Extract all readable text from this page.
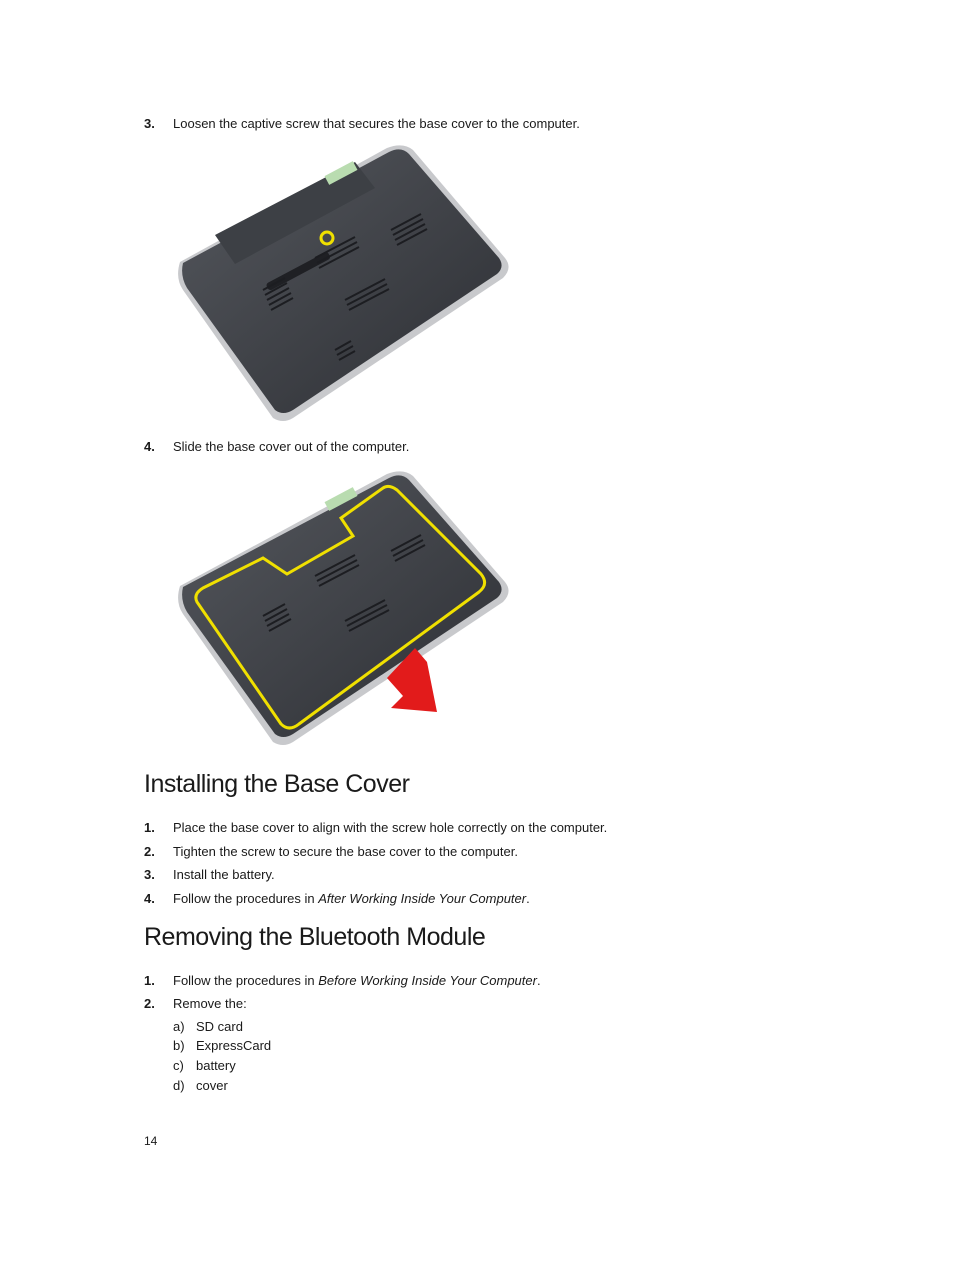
3. Loosen the captive screw that secures the base cover to the computer.
4. Slide the base cover out of the computer.
Installing the Base Cover
1. Place the base cover to align with the screw hole correctly on the computer.
2. Tighten the screw to secure the base cover to the computer.
3. Install the battery.
4. Follow the procedures in After Working Inside Your Computer.
Removing the Bluetooth Module
1. Follow the procedures in Before Working Inside Your Computer.
2. Remove the:
a) SD card
b) ExpressCard
c) battery
d) cover
14
